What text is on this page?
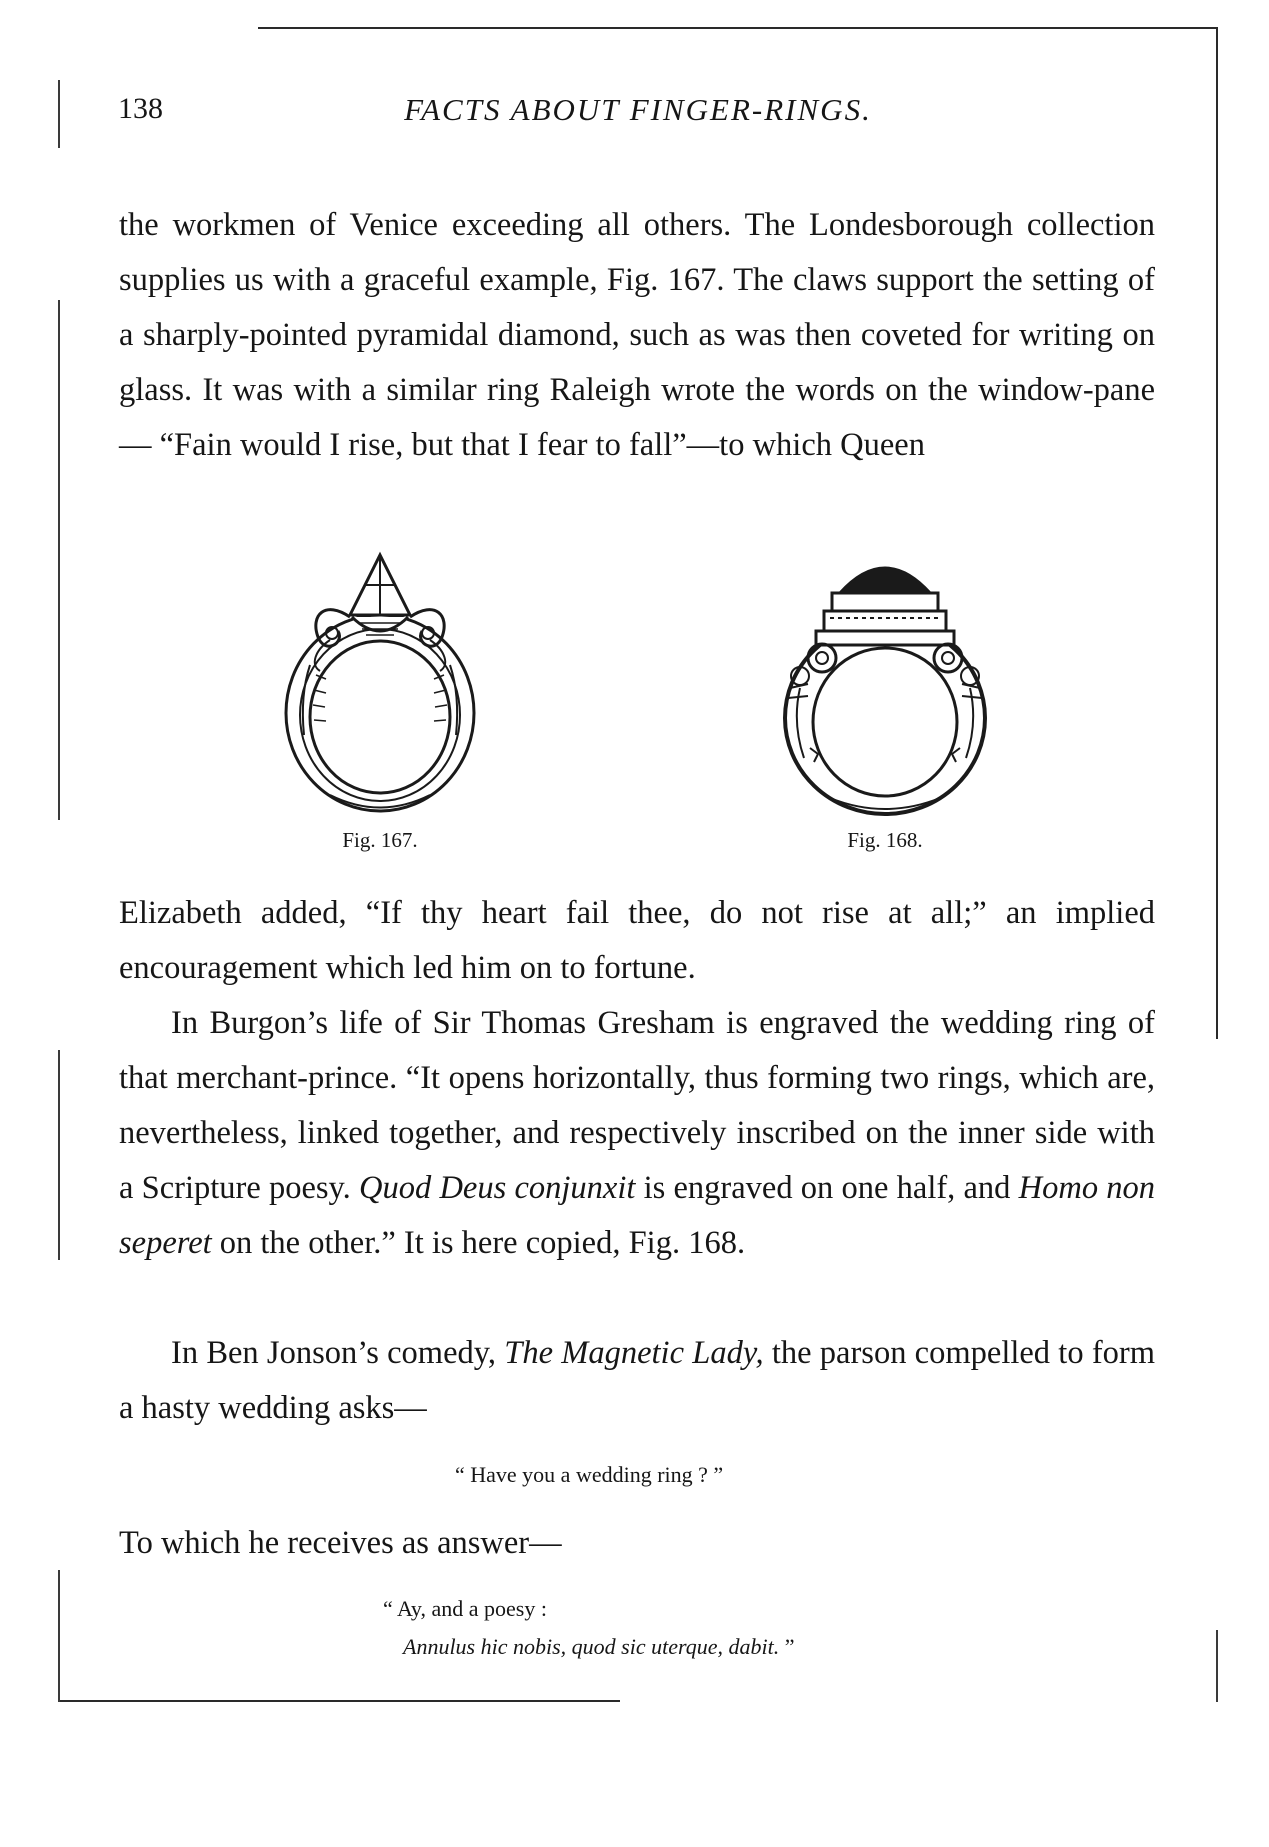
138	FACTS ABOUT FINGER-RINGS.

the workmen of Venice exceeding all others. The Londesborough collection supplies us with a graceful example, Fig. 167. The claws support the setting of a sharply-pointed pyramidal diamond, such as was then coveted for writing on glass. It was with a similar ring Raleigh wrote the words on the window-pane— “Fain would I rise, but that I fear to fall”—to which Queen

Fig. 167.	Fig. 168.

Elizabeth added, “If thy heart fail thee, do not rise at all;” an implied encouragement which led him on to fortune.

In Burgon’s life of Sir Thomas Gresham is engraved the wedding ring of that merchant-prince. “It opens horizontally, thus forming two rings, which are, nevertheless, linked together, and respectively inscribed on the inner side with a Scripture poesy. Quod Deus conjunxit is engraved on one half, and Homo non seperet on the other.” It is here copied, Fig. 168.

In Ben Jonson’s comedy, The Magnetic Lady, the parson compelled to form a hasty wedding asks—

“ Have you a wedding ring ? ”

To which he receives as answer—

“ Ay, and a poesy :
Annulus hic nobis, quod sic uterque, dabit. ”
